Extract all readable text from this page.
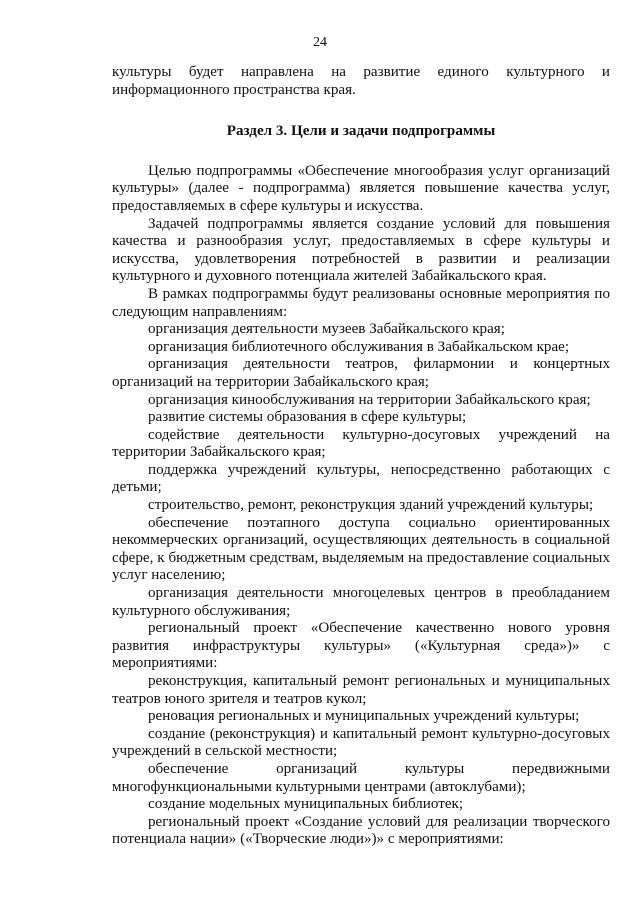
24

культуры будет направлена на развитие единого культурного и информационного пространства края.

Раздел 3. Цели и задачи подпрограммы

Целью подпрограммы «Обеспечение многообразия услуг организаций культуры» (далее - подпрограмма) является повышение качества услуг, предоставляемых в сфере культуры и искусства.

Задачей подпрограммы является создание условий для повышения качества и разнообразия услуг, предоставляемых в сфере культуры и искусства, удовлетворения потребностей в развитии и реализации культурного и духовного потенциала жителей Забайкальского края.

В рамках подпрограммы будут реализованы основные мероприятия по следующим направлениям:

организация деятельности музеев Забайкальского края;

организация библиотечного обслуживания в Забайкальском крае;

организация деятельности театров, филармонии и концертных организаций на территории Забайкальского края;

организация кинообслуживания на территории Забайкальского края;

развитие системы образования в сфере культуры;

содействие деятельности культурно-досуговых учреждений на территории Забайкальского края;

поддержка учреждений культуры, непосредственно работающих с детьми;

строительство, ремонт, реконструкция зданий учреждений культуры;

обеспечение поэтапного доступа социально ориентированных некоммерческих организаций, осуществляющих деятельность в социальной сфере, к бюджетным средствам, выделяемым на предоставление социальных услуг населению;

организация деятельности многоцелевых центров в преобладанием культурного обслуживания;

региональный проект «Обеспечение качественно нового уровня развития инфраструктуры культуры» («Культурная среда»)» с мероприятиями:

реконструкция, капитальный ремонт региональных и муниципальных театров юного зрителя и театров кукол;

реновация региональных и муниципальных учреждений культуры;

создание (реконструкция) и капитальный ремонт культурно-досуговых учреждений в сельской местности;

обеспечение организаций культуры передвижными многофункциональными культурными центрами (автоклубами);

создание модельных муниципальных библиотек;

региональный проект «Создание условий для реализации творческого потенциала нации» («Творческие люди»)» с мероприятиями:
